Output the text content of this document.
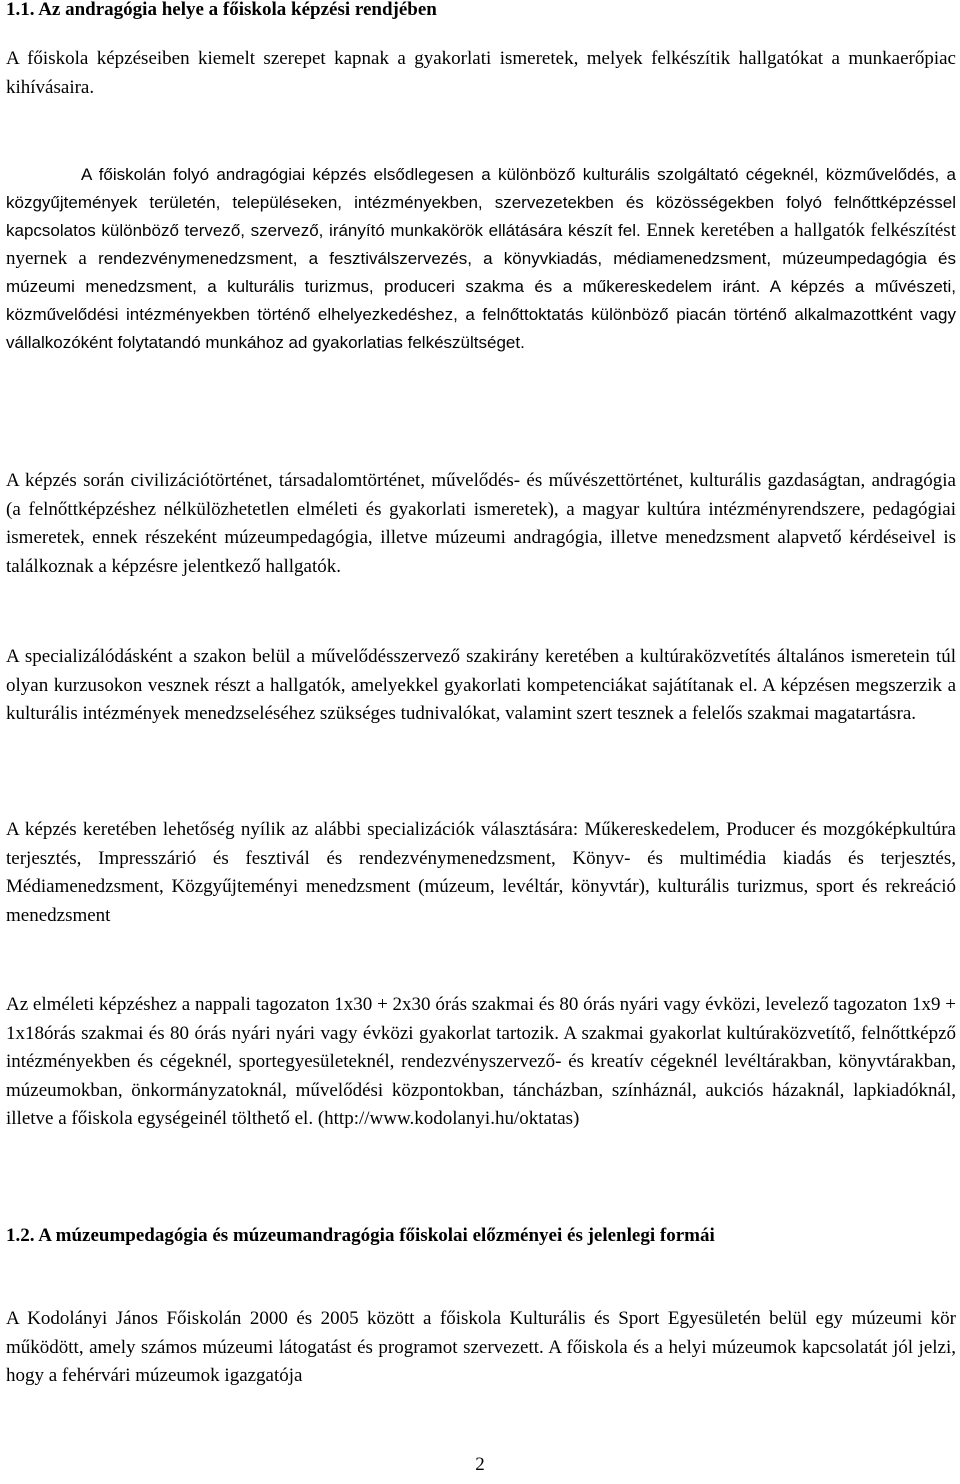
1.1. Az andragógia helye a főiskola képzési rendjében

A főiskola képzéseiben kiemelt szerepet kapnak a gyakorlati ismeretek, melyek felkészítik hallgatókat a munkaerőpiac kihívásaira.

A főiskolán folyó andragógiai képzés elsődlegesen a különböző kulturális szolgáltató cégeknél, közművelődés, a közgyűjtemények területén, településeken, intézményekben, szervezetekben és közösségekben folyó felnőttképzéssel kapcsolatos különböző tervező, szervező, irányító munkakörök ellátására készít fel. Ennek keretében a hallgatók felkészítést nyernek a rendezvénymenedzsment, a fesztiválszervezés, a könyvkiadás, médiamenedzsment, múzeumpedagógia és múzeumi menedzsment, a kulturális turizmus, produceri szakma és a műkereskedelem iránt. A képzés a művészeti, közművelődési intézményekben történő elhelyezkedéshez, a felnőttoktatás különböző piacán történő alkalmazottként vagy vállalkozóként folytatandó munkához ad gyakorlatias felkészültséget.

A képzés során civilizációtörténet, társadalomtörténet, művelődés- és művészettörténet, kulturális gazdaságtan, andragógia (a felnőttképzéshez nélkülözhetetlen elméleti és gyakorlati ismeretek), a magyar kultúra intézményrendszere, pedagógiai ismeretek, ennek részeként múzeumpedagógia, illetve múzeumi andragógia, illetve menedzsment alapvető kérdéseivel is találkoznak a képzésre jelentkező hallgatók.

A specializálódásként a szakon belül a művelődésszervező szakirány keretében a kultúraközvetítés általános ismeretein túl olyan kurzusokon vesznek részt a hallgatók, amelyekkel gyakorlati kompetenciákat sajátítanak el. A képzésen megszerzik a kulturális intézmények menedzseléséhez szükséges tudnivalókat, valamint szert tesznek a felelős szakmai magatartásra.

A képzés keretében lehetőség nyílik az alábbi specializációk választására: Műkereskedelem, Producer és mozgóképkultúra terjesztés, Impresszárió és fesztivál és rendezvénymenedzsment, Könyv- és multimédia kiadás és terjesztés, Médiamenedzsment, Közgyűjteményi menedzsment (múzeum, levéltár, könyvtár), kulturális turizmus, sport és rekreáció menedzsment

Az elméleti képzéshez a nappali tagozaton 1x30 + 2x30 órás szakmai és 80 órás nyári vagy évközi, levelező tagozaton 1x9 + 1x18órás szakmai és 80 órás nyári nyári vagy évközi gyakorlat tartozik. A szakmai gyakorlat kultúraközvetítő, felnőttképző intézményekben és cégeknél, sportegyesületeknél, rendezvényszervező- és kreatív cégeknél levéltárakban, könyvtárakban, múzeumokban, önkormányzatoknál, művelődési központokban, táncházban, színháznál, aukciós házaknál, lapkiadóknál, illetve a főiskola egységeinél tölthető el. (http://www.kodolanyi.hu/oktatas)

1.2. A múzeumpedagógia és múzeumandragógia főiskolai előzményei és jelenlegi formái

A Kodolányi János Főiskolán 2000 és 2005 között a főiskola Kulturális és Sport Egyesületén belül egy múzeumi kör működött, amely számos múzeumi látogatást és programot szervezett. A főiskola és a helyi múzeumok kapcsolatát jól jelzi, hogy a fehérvári múzeumok igazgatója

2
